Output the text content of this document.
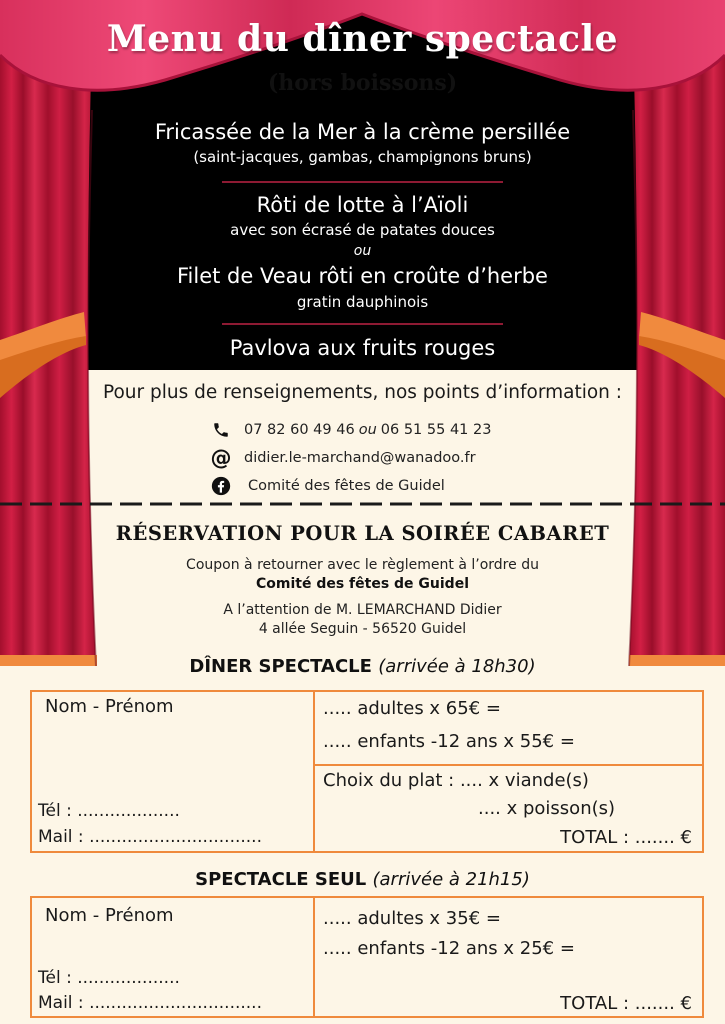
Menu du dîner spectacle
(hors boissons)
Fricassée de la Mer à la crème persillée
(saint-jacques, gambas, champignons bruns)
Rôti de lotte à l’Aïoli
avec son écrasé de patates douces
ou
Filet de Veau rôti en croûte d’herbe
gratin dauphinois
Pavlova aux fruits rouges
Pour plus de renseignements, nos points d’information :
07 82 60 49 46 ou 06 51 55 41 23
@ didier.le-marchand@wanadoo.fr
Comité des fêtes de Guidel
RÉSERVATION POUR LA SOIRÉE CABARET
Coupon à retourner avec le règlement à l’ordre du
Comité des fêtes de Guidel
A l’attention de M. LEMARCHAND Didier
4 allée Seguin - 56520 Guidel
DÎNER SPECTACLE (arrivée à 18h30)
Nom - Prénom
Tél : ...................
Mail : ................................
..... adultes x 65€ =
..... enfants -12 ans x 55€ =
Choix du plat : .... x viande(s)
.... x poisson(s)
TOTAL : ....... €
SPECTACLE SEUL (arrivée à 21h15)
Nom - Prénom
Tél : ...................
Mail : ................................
..... adultes x 35€ =
..... enfants -12 ans x 25€ =
TOTAL : ....... €
